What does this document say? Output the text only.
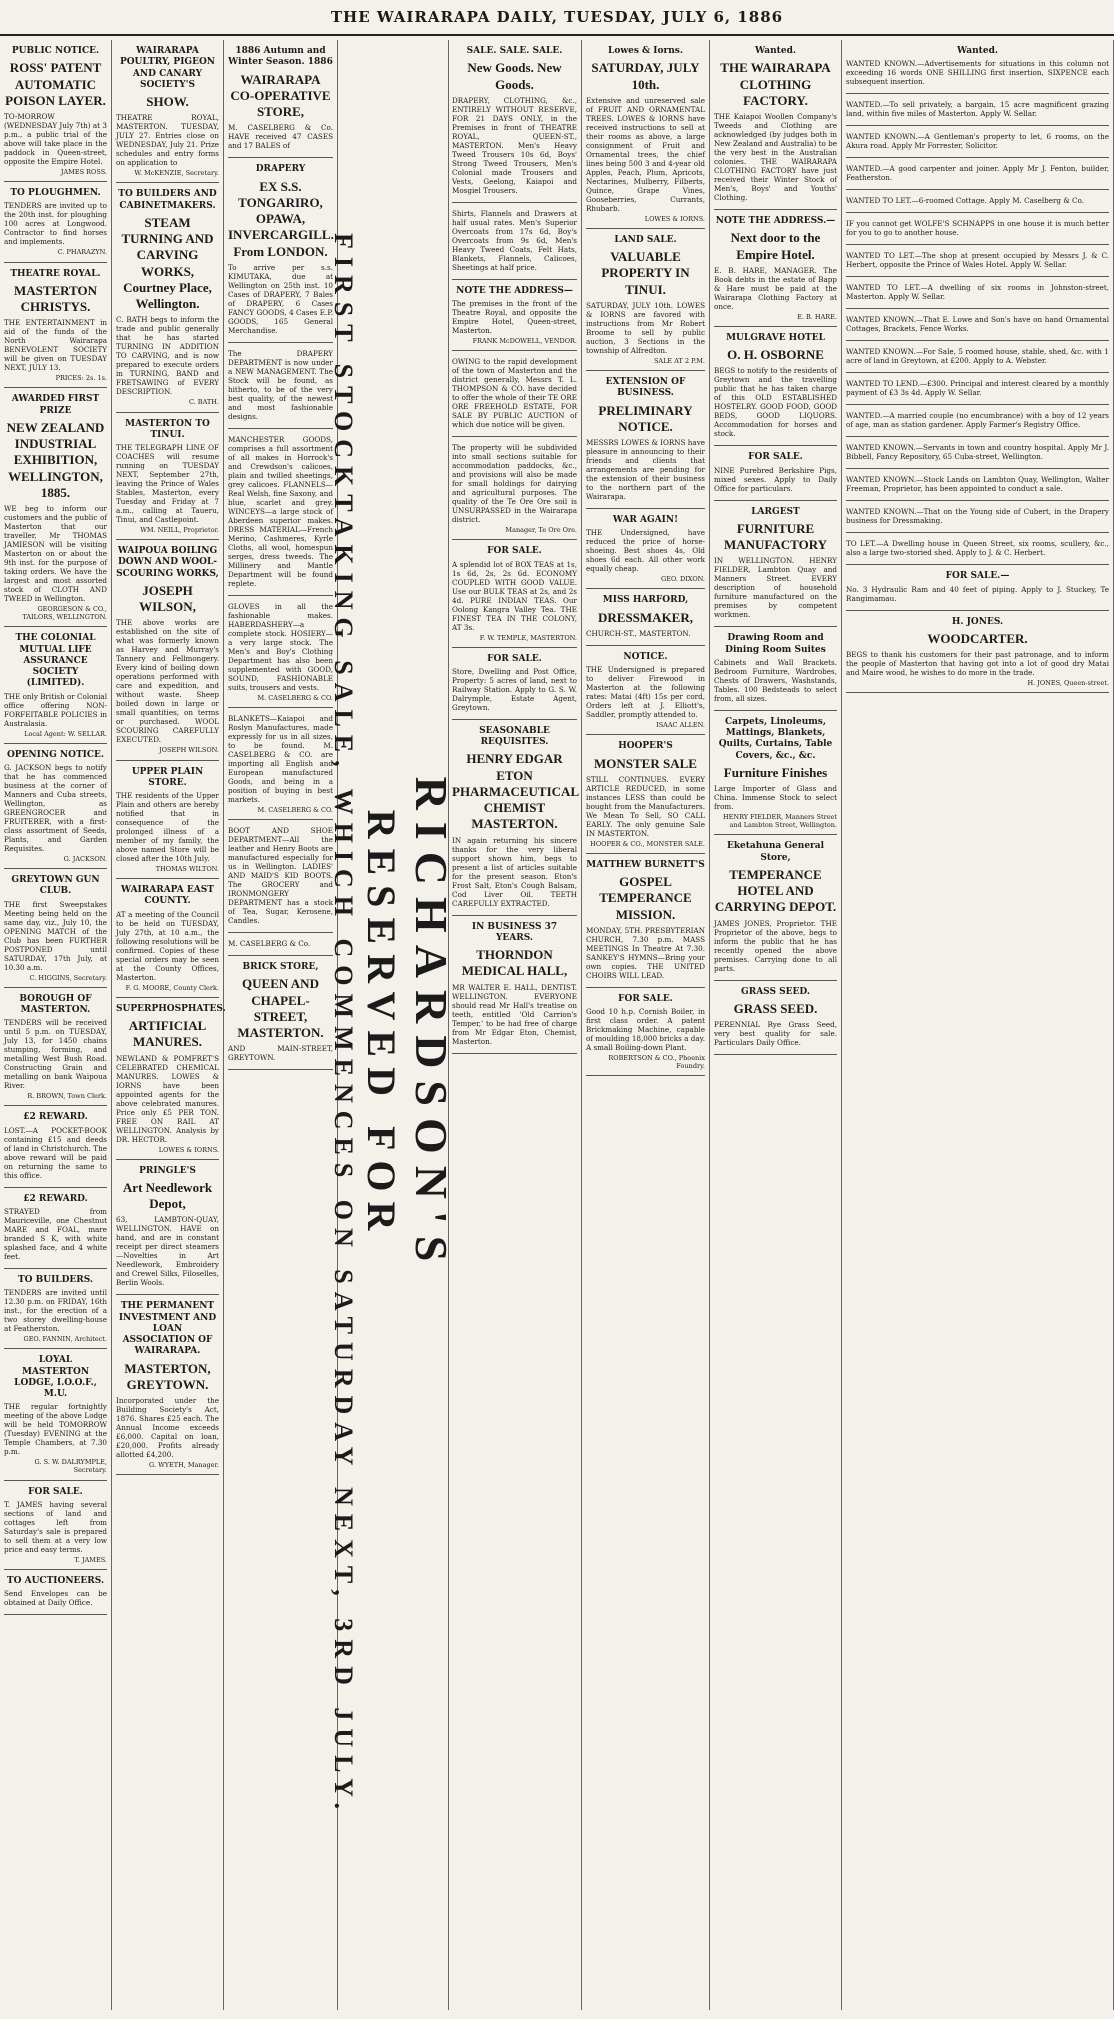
THE WAIRARAPA DAILY, TUESDAY, JULY 6, 1886
PUBLIC NOTICE.
ROSS' PATENT AUTOMATIC POISON LAYER.

TO-MORROW (WEDNESDAY July 7th) at 3 p.m., a public trial of the above will take place in the paddock in Queen-street, opposite the Empire Hotel.

JAMES ROSS.
TO PLOUGHMEN.

TENDERS are invited up to the 20th inst. for ploughing 100 acres at Longwood. Contractor to find horses and implements.

C. PHARAZYN.
THEATRE ROYAL.
MASTERTON CHRISTYS.

THE ENTERTAINMENT in aid of the funds of the North Wairarapa BENEVOLENT SOCIETY will be given on TUESDAY NEXT, JULY 13.

PRICES: 2s. 1s.
AWARDED FIRST PRIZE
NEW ZEALAND INDUSTRIAL EXHIBITION, WELLINGTON, 1885.

WE beg to inform our customers and the public of Masterton that our traveller, Mr THOMAS JAMIESON will be visiting Masterton on or about the 9th inst. for the purpose of taking orders. We have the largest and most assorted stock of CLOTH AND TWEED in Wellington.

GEORGESON & CO., TAILORS, WELLINGTON.
THE COLONIAL MUTUAL LIFE ASSURANCE SOCIETY (LIMITED).

THE only British or Colonial office offering NON-FORFEITABLE POLICIES in Australasia.

Local Agent: W. SELLAR.
OPENING NOTICE.

G. JACKSON begs to notify that he has commenced business at the corner of Manners and Cuba streets, Wellington, as GREENGROCER and FRUITERER, with a first-class assortment of Seeds, Plants, and Garden Requisites.

G. JACKSON.
GREYTOWN GUN CLUB.

THE first Sweepstakes Meeting being held on the same day, viz., July 10, the OPENING MATCH of the Club has been FURTHER POSTPONED until SATURDAY, 17th July, at 10.30 a.m.

C. HIGGINS, Secretary.
BOROUGH OF MASTERTON.

TENDERS will be received until 5 p.m. on TUESDAY, July 13, for 1450 chains stumping, forming, and metalling West Bush Road. Constructing Grain and metalling on bank Waipoua River.

R. BROWN, Town Clerk.
£2 REWARD.

LOST.—A POCKET-BOOK containing £15 and deeds of land in Christchurch. The above reward will be paid on returning the same to this office.

£2 REWARD.

STRAYED from Mauriceville, one Chestnut MARE and FOAL, mare branded S K, with white splashed face, and 4 white feet.

TO BUILDERS.

TENDERS are invited until 12.30 p.m. on FRIDAY, 16th inst., for the erection of a two storey dwelling-house at Featherston.

GEO. FANNIN, Architect.
LOYAL MASTERTON LODGE, I.O.O.F., M.U.

THE regular fortnightly meeting of the above Lodge will be held TOMORROW (Tuesday) EVENING at the Temple Chambers, at 7.30 p.m.

G. S. W. DALRYMPLE, Secretary.
FOR SALE.

T. JAMES having several sections of land and cottages left from Saturday's sale is prepared to sell them at a very low price and easy terms.

T. JAMES.
TO AUCTIONEERS.

Send Envelopes can be obtained at Daily Office.

WAIRARAPA POULTRY, PIGEON AND CANARY SOCIETY'S
SHOW.

THEATRE ROYAL, MASTERTON. TUESDAY, JULY 27. Entries close on WEDNESDAY, July 21. Prize schedules and entry forms on application to

W. McKENZIE, Secretary.
TO BUILDERS AND CABINETMAKERS.
STEAM TURNING AND CARVING WORKS, Courtney Place, Wellington.

C. BATH begs to inform the trade and public generally that he has started TURNING IN ADDITION TO CARVING, and is now prepared to execute orders in TURNING, BAND and FRETSAWING of EVERY DESCRIPTION.

C. BATH.
MASTERTON TO TINUI.

THE TELEGRAPH LINE OF COACHES will resume running on TUESDAY NEXT, September 27th, leaving the Prince of Wales Stables, Masterton, every Tuesday and Friday at 7 a.m., calling at Taueru, Tinui, and Castlepoint.

WM. NEILL, Proprietor.
WAIPOUA BOILING DOWN AND WOOL-SCOURING WORKS,
JOSEPH WILSON,

THE above works are established on the site of what was formerly known as Harvey and Murray's Tannery and Fellmongery. Every kind of boiling down operations performed with care and expedition, and without waste. Sheep boiled down in large or small quantities, on terms or purchased. WOOL SCOURING CAREFULLY EXECUTED.

JOSEPH WILSON.
UPPER PLAIN STORE.

THE residents of the Upper Plain and others are hereby notified that in consequence of the prolonged illness of a member of my family, the above named Store will be closed after the 10th July.

THOMAS WILTON.
WAIRARAPA EAST COUNTY.

AT a meeting of the Council to be held on TUESDAY, July 27th, at 10 a.m., the following resolutions will be confirmed. Copies of these special orders may be seen at the County Offices, Masterton.

F. G. MOORE, County Clerk.
SUPERPHOSPHATES.
ARTIFICIAL MANURES.

NEWLAND & POMFRET'S CELEBRATED CHEMICAL MANURES. LOWES & IORNS have been appointed agents for the above celebrated manures. Price only £5 PER TON. FREE ON RAIL AT WELLINGTON. Analysis by DR. HECTOR.

LOWES & IORNS.
PRINGLE'S
Art Needlework Depot,

63, LAMBTON-QUAY, WELLINGTON. HAVE on hand, and are in constant receipt per direct steamers—Novelties in Art Needlework, Embroidery and Crewel Silks, Filoselles, Berlin Wools.

THE PERMANENT INVESTMENT AND LOAN ASSOCIATION OF WAIRARAPA.
MASTERTON, GREYTOWN.

Incorporated under the Building Society's Act, 1876. Shares £25 each. The Annual Income exceeds £6,000. Capital on loan, £20,000. Profits already allotted £4,200.

G. WYETH, Manager.
1886 Autumn and Winter Season. 1886
WAIRARAPA CO-OPERATIVE STORE,

M. CASELBERG & Co. HAVE received 47 CASES and 17 BALES of

DRAPERY
EX S.S. TONGARIRO, OPAWA, INVERCARGILL. From LONDON.

To arrive per s.s. KIMUTAKA, due at Wellington on 25th inst. 10 Cases of DRAPERY, 7 Bales of DRAPERY, 6 Cases FANCY GOODS, 4 Cases E.P. GOODS, 165 General Merchandise.

The DRAPERY DEPARTMENT is now under a NEW MANAGEMENT. The Stock will be found, as hitherto, to be of the very best quality, of the newest and most fashionable designs.

MANCHESTER GOODS, comprises a full assortment of all makes in Horrock's and Crewdson's calicoes, plain and twilled sheetings, grey calicoes. FLANNELS—Real Welsh, fine Saxony, and blue, scarlet and grey. WINCEYS—a large stock of Aberdeen superior makes. DRESS MATERIAL—French Merino, Cashmeres, Kyrle Cloths, all wool, homespun serges, dress tweeds. The Millinery and Mantle Department will be found replete.

GLOVES in all the fashionable makes. HABERDASHERY—a complete stock. HOSIERY—a very large stock. The Men's and Boy's Clothing Department has also been supplemented with GOOD, SOUND, FASHIONABLE suits, trousers and vests.

M. CASELBERG & CO.

BLANKETS—Kaiapoi and Roslyn Manufactures, made expressly for us in all sizes, to be found. M. CASELBERG & CO. are importing all English and European manufactured Goods, and being in a position of buying in best markets.

M. CASELBERG & CO.

BOOT AND SHOE DEPARTMENT—All the leather and Henry Boots are manufactured especially for us in Wellington. LADIES' AND MAID'S KID BOOTS. The GROCERY and IRONMONGERY DEPARTMENT has a stock of Tea, Sugar, Kerosene, Candles.

M. CASELBERG & Co.

BRICK STORE,
QUEEN AND CHAPEL-STREET, MASTERTON.

AND MAIN-STREET, GREYTOWN.	RICHARDSON'S
RESERVED FOR
FIRST STOCKTAKING SALE, WHICH COMMENCES ON SATURDAY NEXT, 3RD JULY.
SALE. SALE. SALE.
New Goods. New Goods.

DRAPERY, CLOTHING, &c., ENTIRELY WITHOUT RESERVE, FOR 21 DAYS ONLY, in the Premises in front of THEATRE ROYAL, QUEEN-ST., MASTERTON. Men's Heavy Tweed Trousers 10s 6d, Boys' Strong Tweed Trousers, Men's Colonial made Trousers and Vests, Geelong, Kaiapoi and Mosgiel Trousers.

Shirts, Flannels and Drawers at half usual rates. Men's Superior Overcoats from 17s 6d, Boy's Overcoats from 9s 6d, Men's Heavy Tweed Coats, Felt Hats, Blankets, Flannels, Calicoes, Sheetings at half price.

NOTE THE ADDRESS—

The premises in the front of the Theatre Royal, and opposite the Empire Hotel, Queen-street, Masterton.

FRANK McDOWELL, VENDOR.

OWING to the rapid development of the town of Masterton and the district generally, Messrs T. L. THOMPSON & CO. have decided to offer the whole of their TE ORE ORE FREEHOLD ESTATE, FOR SALE BY PUBLIC AUCTION of which due notice will be given.

The property will be subdivided into small sections suitable for accommodation paddocks, &c., and provisions will also be made for small holdings for dairying and agricultural purposes. The quality of the Te Ore Ore soil is UNSURPASSED in the Wairarapa district.

Manager, Te Ore Ore.
FOR SALE.

A splendid lot of BOX TEAS at 1s, 1s 6d, 2s, 2s 6d. ECONOMY COUPLED WITH GOOD VALUE. Use our BULK TEAS at 2s, and 2s 4d. PURE INDIAN TEAS. Our Oolong Kangra Valley Tea. THE FINEST TEA IN THE COLONY, AT 3s.

F. W. TEMPLE, MASTERTON.
FOR SALE.

Store, Dwelling and Post Office, Property: 5 acres of land, next to Railway Station. Apply to G. S. W. Dalrymple, Estate Agent, Greytown.

SEASONABLE REQUISITES.
HENRY EDGAR ETON PHARMACEUTICAL CHEMIST MASTERTON.

IN again returning his sincere thanks for the very liberal support shown him, begs to present a list of articles suitable for the present season. Eton's Frost Salt, Eton's Cough Balsam, Cod Liver Oil. TEETH CAREFULLY EXTRACTED.

IN BUSINESS 37 YEARS.
THORNDON MEDICAL HALL,

MR WALTER E. HALL, DENTIST. WELLINGTON. EVERYONE should read Mr Hall's treatise on teeth, entitled 'Old Carrion's Temper,' to be had free of charge from Mr Edgar Eton, Chemist, Masterton.

Lowes & Iorns.
SATURDAY, JULY 10th.

Extensive and unreserved sale of FRUIT AND ORNAMENTAL TREES. LOWES & IORNS have received instructions to sell at their rooms as above, a large consignment of Fruit and Ornamental trees, the chief lines being 500 3 and 4-year old Apples, Peach, Plum, Apricots, Nectarines, Mulberry, Filberts, Quince, Grape Vines, Gooseberries, Currants, Rhubarb.

LOWES & IORNS.
LAND SALE.
VALUABLE PROPERTY IN TINUI.

SATURDAY, JULY 10th. LOWES & IORNS are favored with instructions from Mr Robert Broome to sell by public auction, 3 Sections in the township of Alfredton.

SALE AT 2 P.M.
EXTENSION OF BUSINESS.
PRELIMINARY NOTICE.

MESSRS LOWES & IORNS have pleasure in announcing to their friends and clients that arrangements are pending for the extension of their business to the northern part of the Wairarapa.

WAR AGAIN!

THE Undersigned, have reduced the price of horse-shoeing. Best shoes 4s, Old shoes 6d each. All other work equally cheap.

GEO. DIXON.
MISS HARFORD,
DRESSMAKER,

CHURCH-ST., MASTERTON.

NOTICE.

THE Undersigned is prepared to deliver Firewood in Masterton at the following rates: Matai (4ft) 15s per cord, Orders left at J. Elliott's, Saddler, promptly attended to.

ISAAC ALLEN.
HOOPER'S
MONSTER SALE

STILL CONTINUES. EVERY ARTICLE REDUCED, in some instances LESS than could be bought from the Manufacturers. We Mean To Sell, SO CALL EARLY. The only genuine Sale IN MASTERTON.

HOOPER & CO., MONSTER SALE.
MATTHEW BURNETT'S
GOSPEL TEMPERANCE MISSION.

MONDAY, 5TH. PRESBYTERIAN CHURCH, 7.30 p.m. MASS MEETINGS In Theatre At 7.30. SANKEY'S HYMNS—Bring your own copies. THE UNITED CHOIRS WILL LEAD.

FOR SALE.

Good 10 h.p. Cornish Boiler, in first class order. A patent Brickmaking Machine, capable of moulding 18,000 bricks a day. A small Boiling-down Plant.

ROBERTSON & CO., Phoenix Foundry.
Wanted.
THE WAIRARAPA CLOTHING FACTORY.

THE Kaiapoi Woollen Company's Tweeds and Clothing are acknowledged (by judges both in New Zealand and Australia) to be the very best in the Australian colonies. THE WAIRARAPA CLOTHING FACTORY have just received their Winter Stock of Men's, Boys' and Youths' Clothing.

NOTE THE ADDRESS.—
Next door to the Empire Hotel.

E. B. HARE, MANAGER. The Book debts in the estate of Bapp & Hare must be paid at the Wairarapa Clothing Factory at once.

E. B. HARE.
MULGRAVE HOTEL
O. H. OSBORNE

BEGS to notify to the residents of Greytown and the travelling public that he has taken charge of this OLD ESTABLISHED HOSTELRY. GOOD FOOD, GOOD BEDS, GOOD LIQUORS. Accommodation for horses and stock.

FOR SALE.

NINE Purebred Berkshire Pigs, mixed sexes. Apply to Daily Office for particulars.

LARGEST
FURNITURE MANUFACTORY

IN WELLINGTON. HENRY FIELDER, Lambton Quay and Manners Street. EVERY description of household furniture manufactured on the premises by competent workmen.

Drawing Room and Dining Room Suites

Cabinets and Wall Brackets. Bedroom Furniture, Wardrobes, Chests of Drawers, Washstands, Tables. 100 Bedsteads to select from, all sizes.

Carpets, Linoleums, Mattings, Blankets, Quilts, Curtains, Table Covers, &c., &c.
Furniture Finishes

Large Importer of Glass and China. Immense Stock to select from.

HENRY FIELDER, Manners Street and Lambton Street, Wellington.
Eketahuna General Store,
TEMPERANCE HOTEL AND CARRYING DEPOT.

JAMES JONES, Proprietor. THE Proprietor of the above, begs to inform the public that he has recently opened the above premises. Carrying done to all parts.

GRASS SEED.
GRASS SEED.

PERENNIAL Rye Grass Seed, very best quality for sale. Particulars Daily Office.

Wanted.

WANTED KNOWN.—Advertisements for situations in this column not exceeding 16 words ONE SHILLING first insertion, SIXPENCE each subsequent insertion.

WANTED.—To sell privately, a bargain, 15 acre magnificent grazing land, within five miles of Masterton. Apply W. Sellar.

WANTED KNOWN.—A Gentleman's property to let, 6 rooms, on the Akura road. Apply Mr Forrester, Solicitor.

WANTED.—A good carpenter and joiner. Apply Mr J. Fenton, builder, Featherston.

WANTED TO LET.—6-roomed Cottage. Apply M. Caselberg & Co.

IF you cannot get WOLFE'S SCHNAPPS in one house it is much better for you to go to another house.

WANTED TO LET.—The shop at present occupied by Messrs J. & C. Herbert, opposite the Prince of Wales Hotel. Apply W. Sellar.

WANTED TO LET.—A dwelling of six rooms in Johnston-street, Masterton. Apply W. Sellar.

WANTED KNOWN.—That E. Lowe and Son's have on hand Ornamental Cottages, Brackets, Fence Works.

WANTED KNOWN.—For Sale, 5 roomed house, stable, shed, &c. with 1 acre of land in Greytown, at £200. Apply to A. Webster.

WANTED TO LEND.—£300. Principal and interest cleared by a monthly payment of £3 3s 4d. Apply W. Sellar.

WANTED.—A married couple (no encumbrance) with a boy of 12 years of age, man as station gardener. Apply Farmer's Registry Office.

WANTED KNOWN.—Servants in town and country hospital. Apply Mr J. Bibbell, Fancy Repository, 65 Cuba-street, Wellington.

WANTED KNOWN.—Stock Lands on Lambton Quay, Wellington, Walter Freeman, Proprietor, has been appointed to conduct a sale.

WANTED KNOWN.—That on the Young side of Cubert, in the Drapery business for Dressmaking.

TO LET.—A Dwelling house in Queen Street, six rooms, scullery, &c., also a large two-storied shed. Apply to J. & C. Herbert.

FOR SALE.—

No. 3 Hydraulic Ram and 40 feet of piping. Apply to J. Stuckey, Te Rangimamau.

H. JONES.
WOODCARTER.

BEGS to thank his customers for their past patronage, and to inform the people of Masterton that having got into a lot of good dry Matai and Maire wood, he wishes to do more in the trade.

H. JONES, Queen-street.
